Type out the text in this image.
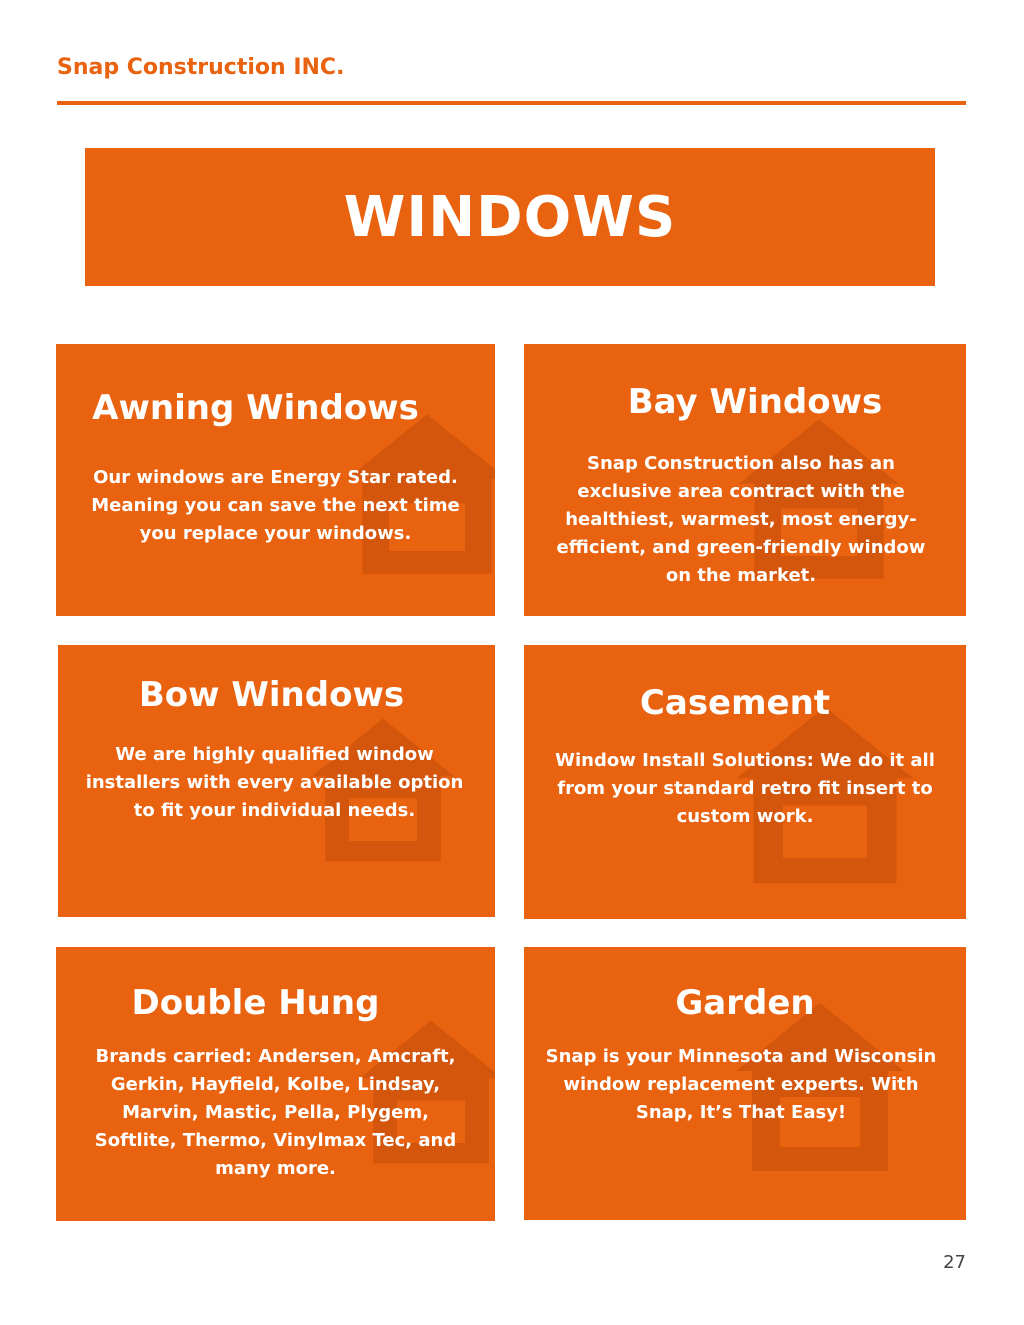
Snap Construction INC.
WINDOWS
Awning Windows
Our windows are Energy Star rated. Meaning you can save the next time you replace your windows.
Bay Windows
Snap Construction also has an exclusive area contract with the healthiest, warmest, most energy-efficient, and green-friendly window on the market.
Bow Windows
We are highly qualified window installers with every available option to fit your individual needs.
Casement
Window Install Solutions: We do it all from your standard retro fit insert to custom work.
Double Hung
Brands carried: Andersen, Amcraft, Gerkin, Hayfield, Kolbe, Lindsay, Marvin, Mastic, Pella, Plygem, Softlite, Thermo, Vinylmax Tec, and many more.
Garden
Snap is your Minnesota and Wisconsin window replacement experts. With Snap, It’s That Easy!
27
